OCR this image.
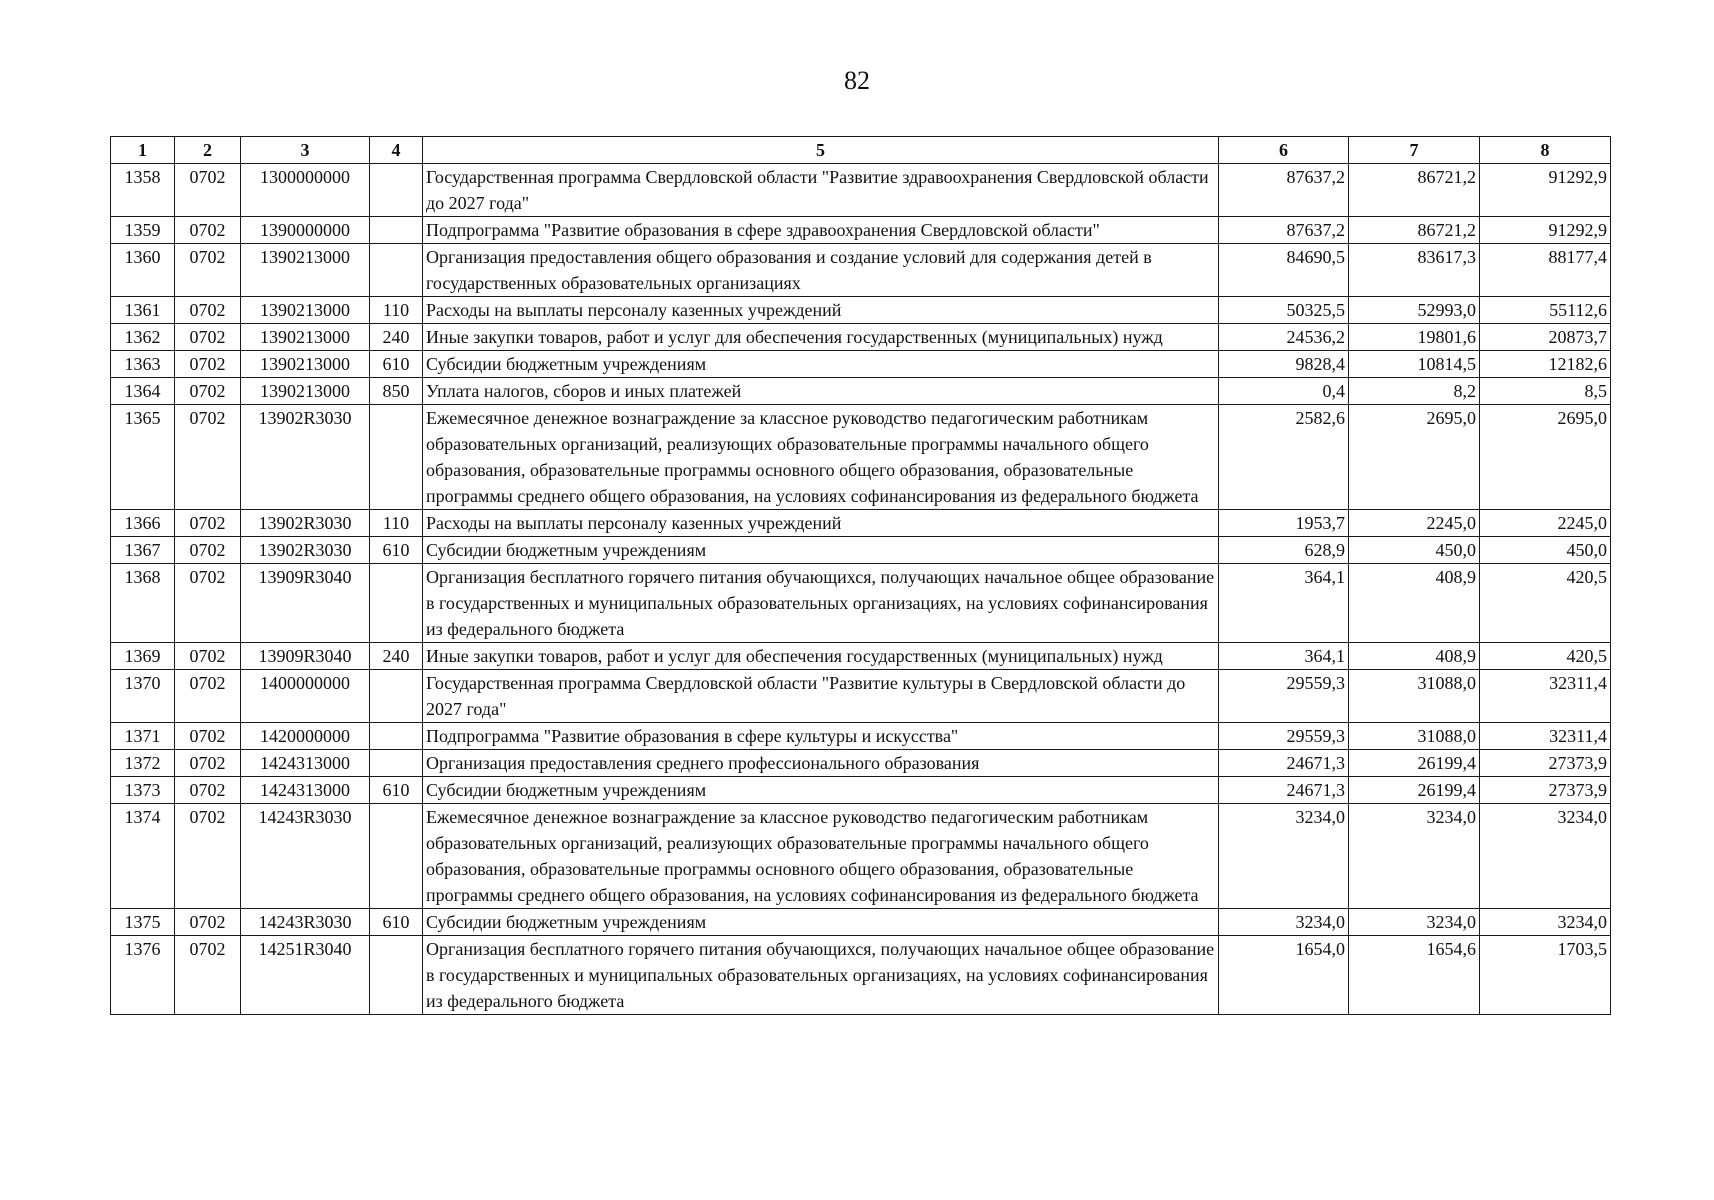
82
1	2	3	4	5	6	7	8
1358	0702	1300000000		Государственная программа Свердловской области "Развитие здравоохранения Свердловской области до 2027 года"	87637,2	86721,2	91292,9
1359	0702	1390000000		Подпрограмма "Развитие образования в сфере здравоохранения Свердловской области"	87637,2	86721,2	91292,9
1360	0702	1390213000		Организация предоставления общего образования и создание условий для содержания детей в государственных образовательных организациях	84690,5	83617,3	88177,4
1361	0702	1390213000	110	Расходы на выплаты персоналу казенных учреждений	50325,5	52993,0	55112,6
1362	0702	1390213000	240	Иные закупки товаров, работ и услуг для обеспечения государственных (муниципальных) нужд	24536,2	19801,6	20873,7
1363	0702	1390213000	610	Субсидии бюджетным учреждениям	9828,4	10814,5	12182,6
1364	0702	1390213000	850	Уплата налогов, сборов и иных платежей	0,4	8,2	8,5
1365	0702	13902R3030		Ежемесячное денежное вознаграждение за классное руководство педагогическим работникам образовательных организаций, реализующих образовательные программы начального общего образования, образовательные программы основного общего образования, образовательные программы среднего общего образования, на условиях софинансирования из федерального бюджета	2582,6	2695,0	2695,0
1366	0702	13902R3030	110	Расходы на выплаты персоналу казенных учреждений	1953,7	2245,0	2245,0
1367	0702	13902R3030	610	Субсидии бюджетным учреждениям	628,9	450,0	450,0
1368	0702	13909R3040		Организация бесплатного горячего питания обучающихся, получающих начальное общее образование в государственных и муниципальных образовательных организациях, на условиях софинансирования из федерального бюджета	364,1	408,9	420,5
1369	0702	13909R3040	240	Иные закупки товаров, работ и услуг для обеспечения государственных (муниципальных) нужд	364,1	408,9	420,5
1370	0702	1400000000		Государственная программа Свердловской области "Развитие культуры в Свердловской области до 2027 года"	29559,3	31088,0	32311,4
1371	0702	1420000000		Подпрограмма "Развитие образования в сфере культуры и искусства"	29559,3	31088,0	32311,4
1372	0702	1424313000		Организация предоставления среднего профессионального образования	24671,3	26199,4	27373,9
1373	0702	1424313000	610	Субсидии бюджетным учреждениям	24671,3	26199,4	27373,9
1374	0702	14243R3030		Ежемесячное денежное вознаграждение за классное руководство педагогическим работникам образовательных организаций, реализующих образовательные программы начального общего образования, образовательные программы основного общего образования, образовательные программы среднего общего образования, на условиях софинансирования из федерального бюджета	3234,0	3234,0	3234,0
1375	0702	14243R3030	610	Субсидии бюджетным учреждениям	3234,0	3234,0	3234,0
1376	0702	14251R3040		Организация бесплатного горячего питания обучающихся, получающих начальное общее образование в государственных и муниципальных образовательных организациях, на условиях софинансирования из федерального бюджета	1654,0	1654,6	1703,5
